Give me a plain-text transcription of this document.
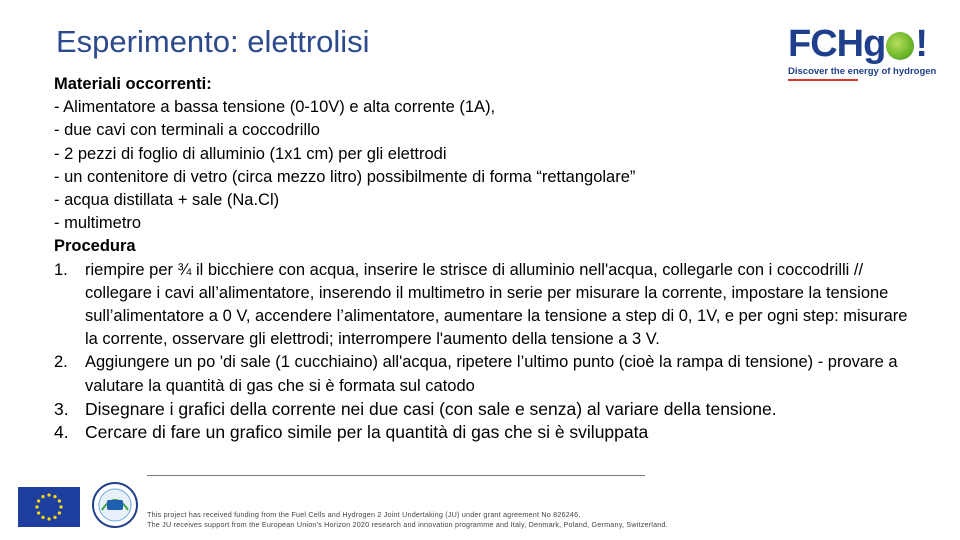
Esperimento: elettrolisi	FCHg !
Discover the energy of hydrogen
Materiali occorrenti:
- Alimentatore a bassa tensione (0-10V) e alta corrente (1A),
- due cavi con terminali a coccodrillo
- 2 pezzi di foglio di alluminio (1x1 cm) per gli elettrodi
- un contenitore di vetro (circa mezzo litro) possibilmente di forma “rettangolare”
- acqua distillata + sale (Na.Cl)
- multimetro
Procedura
1. riempire per ¾ il bicchiere con acqua, inserire le strisce di alluminio nell'acqua, collegarle con i coccodrilli // collegare i cavi all’alimentatore, inserendo il multimetro in serie per misurare la corrente, impostare la tensione sull’alimentatore a 0 V, accendere l’alimentatore, aumentare la tensione a step di 0, 1V, e per ogni step: misurare la corrente, osservare gli elettrodi; interrompere l'aumento della tensione a 3 V.
2. Aggiungere un po 'di sale (1 cucchiaino) all'acqua, ripetere l’ultimo punto (cioè la rampa di tensione) - provare a valutare la quantità di gas che si è formata sul catodo
3. Disegnare i grafici della corrente nei due casi (con sale e senza) al variare della tensione.
4. Cercare di fare un grafico simile per la quantità di gas che si è sviluppata
This project has received funding from the Fuel Cells and Hydrogen 2 Joint Undertaking (JU) under grant agreement No 826246.
The JU receives support from the European Union's Horizon 2020 research and innovation programme and Italy, Denmark, Poland, Germany, Switzerland.
